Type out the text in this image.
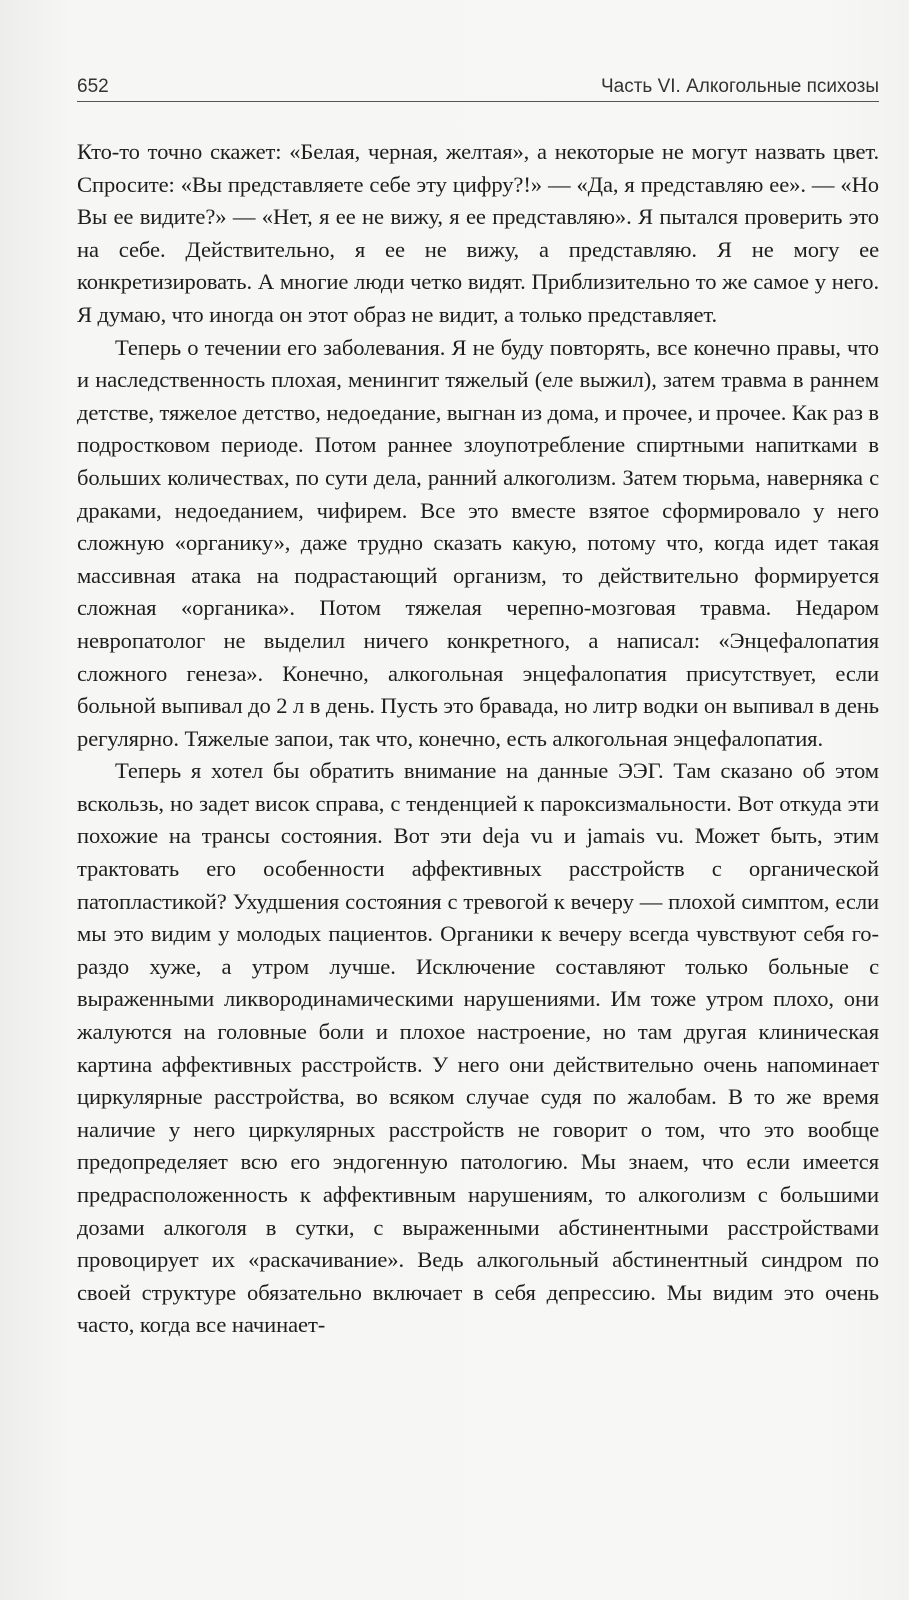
652	Часть VI. Алкогольные психозы

Кто-то точно скажет: «Белая, черная, желтая», а некоторые не могут назвать цвет. Спросите: «Вы представляете себе эту цифру?!» — «Да, я представляю ее». — «Но Вы ее видите?» — «Нет, я ее не вижу, я ее представляю». Я пытался проверить это на себе. Действительно, я ее не вижу, а представляю. Я не могу ее конкретизировать. А многие люди четко видят. Приблизительно то же самое у него. Я думаю, что иногда он этот образ не видит, а только представляет.

Теперь о течении его заболевания. Я не буду повторять, все конечно правы, что и наследственность плохая, менингит тяжелый (еле выжил), затем травма в раннем детстве, тяжелое детство, недоедание, выгнан из дома, и прочее, и прочее. Как раз в подростковом периоде. Потом раннее злоупотребление спиртными напитками в больших количествах, по сути дела, ранний алкоголизм. Затем тюрьма, наверняка с драками, недоеданием, чифирем. Все это вместе взятое сформировало у него сложную «органику», даже трудно сказать какую, потому что, когда идет такая массивная атака на подрастающий организм, то действительно формируется сложная «органика». Потом тяжелая черепно-мозговая травма. Недаром невропатолог не выделил ничего конкретного, а написал: «Энцефалопатия сложного генеза». Конечно, алкогольная энцефалопатия присутствует, если больной выпивал до 2 л в день. Пусть это бравада, но литр водки он выпивал в день регулярно. Тяжелые запои, так что, конечно, есть алкогольная энцефалопатия.

Теперь я хотел бы обратить внимание на данные ЭЭГ. Там сказано об этом вскользь, но задет висок справа, с тенденцией к пароксизмальности. Вот откуда эти похожие на трансы состояния. Вот эти deja vu и jamais vu. Может быть, этим трактовать его особенности аффективных расстройств с органической патопластикой? Ухудшения состояния с тревогой к вечеру — плохой симптом, если мы это видим у молодых пациентов. Органики к вечеру всегда чувствуют себя гораздо хуже, а утром лучше. Исключение составляют только больные с выраженными ликвородинамическими нарушениями. Им тоже утром плохо, они жалуются на головные боли и плохое настроение, но там другая клиническая картина аффективных расстройств. У него они действительно очень напоминает циркулярные расстройства, во всяком случае судя по жалобам. В то же время наличие у него циркулярных расстройств не говорит о том, что это вообще предопределяет всю его эндогенную патологию. Мы знаем, что если имеется предрасположенность к аффективным нарушениям, то алкоголизм с большими дозами алкоголя в сутки, с выраженными абстинентными расстройствами провоцирует их «раскачивание». Ведь алкогольный абстинентный синдром по своей структуре обязательно включает в себя депрессию. Мы видим это очень часто, когда все начинает-
